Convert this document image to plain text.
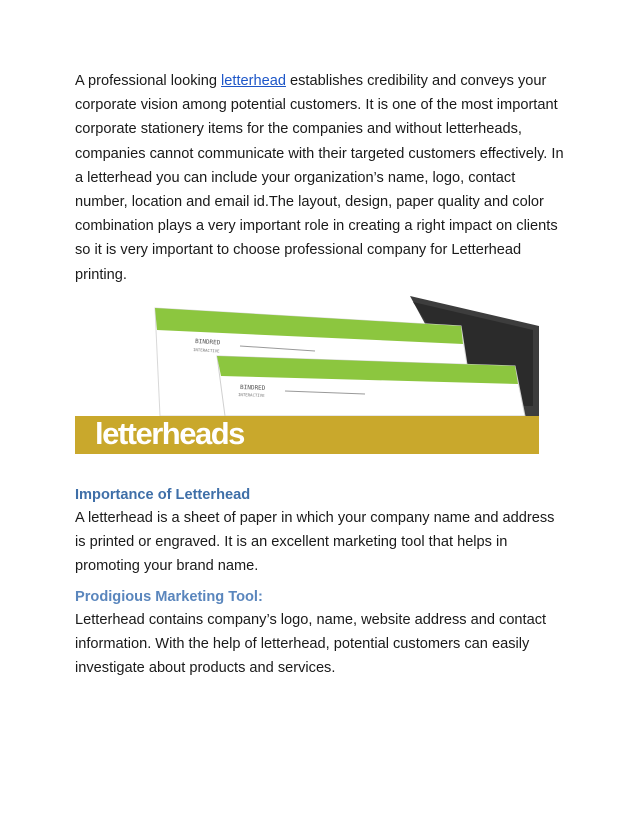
A professional looking letterhead establishes credibility and conveys your corporate vision among potential customers. It is one of the most important corporate stationery items for the companies and without letterheads, companies cannot communicate with their targeted customers effectively. In a letterhead you can include your organization’s name, logo, contact number, location and email id.The layout, design, paper quality and color combination plays a very important role in creating a right impact on clients so it is very important to choose professional company for Letterhead printing.

BINDRED
INTERACTIVE
BINDRED
INTERACTIVE
letterheads
Importance of Letterhead

A letterhead is a sheet of paper in which your company name and address is printed or engraved. It is an excellent marketing tool that helps in promoting your brand name.

Prodigious Marketing Tool:

Letterhead contains company’s logo, name, website address and contact information. With the help of letterhead, potential customers can easily investigate about products and services.
